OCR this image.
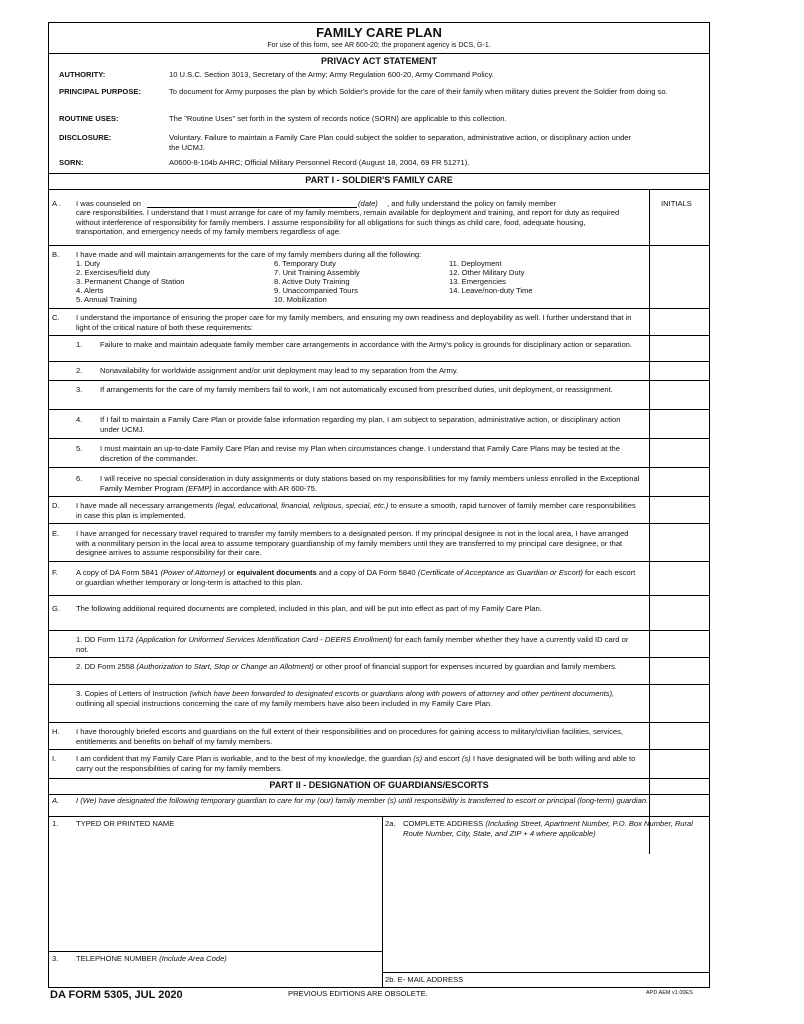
FAMILY CARE PLAN
For use of this form, see AR 600-20; the proponent agency is DCS, G-1.
PRIVACY ACT STATEMENT
AUTHORITY:	10 U.S.C. Section 3013, Secretary of the Army; Army Regulation 600-20, Army Command Policy.
PRINCIPAL PURPOSE:	To document for Army purposes the plan by which Soldier's provide for the care of their family when military duties prevent the Soldier from doing so.
ROUTINE USES:	The "Routine Uses" set forth in the system of records notice (SORN) are applicable to this collection.
DISCLOSURE:	Voluntary. Failure to maintain a Family Care Plan could subject the soldier to separation, administrative action, or disciplinary action under the UCMJ.
SORN:	A0600-8-104b AHRC; Official Military Personnel Record (August 18, 2004, 69 FR 51271).
PART I - SOLDIER'S FAMILY CARE
A . I was counseled on	(date) , and fully understand the policy on family member
care responsibilities. I understand that I must arrange for care of my family members, remain available for deployment and training, and report for duty as required without interference of responsibility for family members. I assume responsibility for all obligations for such things as child care, food, adequate housing, transportation, and emergency needs of my family members regardless of age.
INITIALS
B. I have made and will maintain arrangements for the care of my family members during all the following:
1. Duty
2. Exercises/field duty
3. Permanent Change of Station
4. Alerts
5. Annual Training
6. Temporary Duty
7. Unit Training Assembly
8. Active Duty Training
9. Unaccompanied Tours
10. Mobilization
11. Deployment
12. Other Military Duty
13. Emergencies
14. Leave/non-duty Time
C. I understand the importance of ensuring the proper care for my family members, and ensuring my own readiness and deployability as well. I further understand that in light of the critical nature of both these requirements:
1. Failure to make and maintain adequate family member care arrangements in accordance with the Army's policy is grounds for disciplinary action or separation.
2. Nonavailability for worldwide assignment and/or unit deployment may lead to my separation from the Army.
3. If arrangements for the care of my family members fail to work, I am not automatically excused from prescribed duties, unit deployment, or reassignment.
4. If I fail to maintain a Family Care Plan or provide false information regarding my plan, I am subject to separation, administrative action, or disciplinary action under UCMJ.
5. I must maintain an up-to-date Family Care Plan and revise my Plan when circumstances change. I understand that Family Care Plans may be tested at the discretion of the commander.
6. I will receive no special consideration in duty assignments or duty stations based on my responsibilities for my family members unless enrolled in the Exceptional Family Member Program (EFMP) in accordance with AR 600-75.
D. I have made all necessary arrangements (legal, educational, financial, religious, special, etc.) to ensure a smooth, rapid turnover of family member care responsibilities in case this plan is implemented.
E. I have arranged for necessary travel required to transfer my family members to a designated person. If my principal designee is not in the local area, I have arranged with a nonmilitary person in the local area to assume temporary guardianship of my family members until they are transferred to my principal care designee, or that designee arrives to assume responsibility for their care.
F. A copy of DA Form 5841 (Power of Attorney) or equivalent documents and a copy of DA Form 5840 (Certificate of Acceptance as Guardian or Escort) for each escort or guardian whether temporary or long-term is attached to this plan.
G. The following additional required documents are completed, included in this plan, and will be put into effect as part of my Family Care Plan.
1. DD Form 1172 (Application for Uniformed Services Identification Card - DEERS Enrollment) for each family member whether they have a currently valid ID card or not.
2. DD Form 2558 (Authorization to Start, Stop or Change an Allotment) or other proof of financial support for expenses incurred by guardian and family members.
3. Copies of Letters of Instruction (which have been forwarded to designated escorts or guardians along with powers of attorney and other pertinent documents), outlining all special instructions concerning the care of my family members have also been included in my Family Care Plan.
H. I have thoroughly briefed escorts and guardians on the full extent of their responsibilities and on procedures for gaining access to military/civilian facilities, services, entitlements and benefits on behalf of my family members.
I.	I am confident that my Family Care Plan is workable, and to the best of my knowledge, the guardian (s) and escort (s) I have designated will be both willing and able to carry out the responsibilities of caring for my family members.
PART II - DESIGNATION OF GUARDIANS/ESCORTS
A. I (We) have designated the following temporary guardian to care for my (our) family member (s) until responsibility is transferred to escort or principal (long-term) guardian.
1. TYPED OR PRINTED NAME	2a. COMPLETE ADDRESS (Including Street, Apartment Number, P.O. Box Number, Rural Route Number, City, State, and ZIP + 4 where applicable)
3. TELEPHONE NUMBER (Include Area Code)
2b. E- MAIL ADDRESS
DA FORM 5305, JUL 2020	PREVIOUS EDITIONS ARE OBSOLETE.	APD AEM v1.00ES
